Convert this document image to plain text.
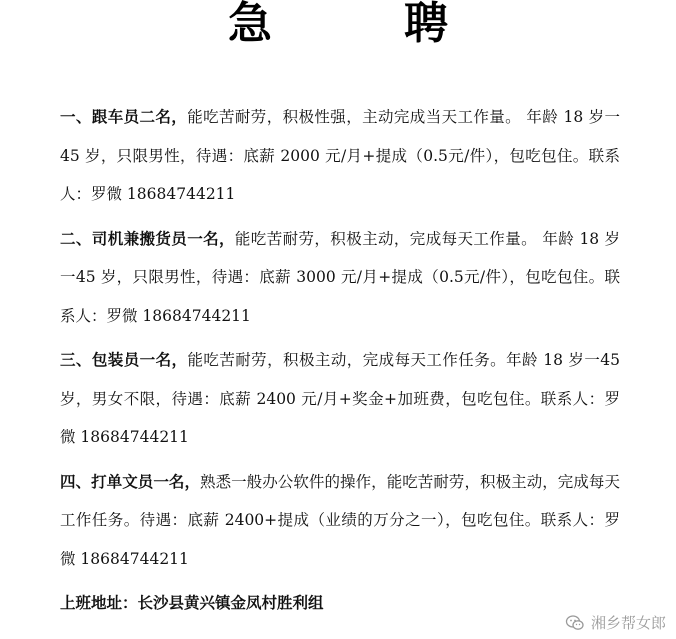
急　聘

一、跟车员二名，能吃苦耐劳，积极性强，主动完成当天工作量。 年龄 18 岁一 45 岁，只限男性，待遇：底薪 2000 元/月+提成（0.5元/件），包吃包住。联系人：罗微 18684744211

二、司机兼搬货员一名，能吃苦耐劳，积极主动，完成每天工作量。 年龄 18 岁一45 岁，只限男性，待遇：底薪 3000 元/月+提成（0.5元/件），包吃包住。联系人：罗微 18684744211

三、包装员一名，能吃苦耐劳，积极主动，完成每天工作任务。年龄 18 岁一45 岁，男女不限，待遇：底薪 2400 元/月+奖金+加班费，包吃包住。联系人：罗微 18684744211

四、打单文员一名，熟悉一般办公软件的操作，能吃苦耐劳，积极主动，完成每天工作任务。待遇：底薪 2400+提成（业绩的万分之一），包吃包住。联系人：罗微 18684744211

上班地址：长沙县黄兴镇金凤村胜利组

湘乡帮女郎
